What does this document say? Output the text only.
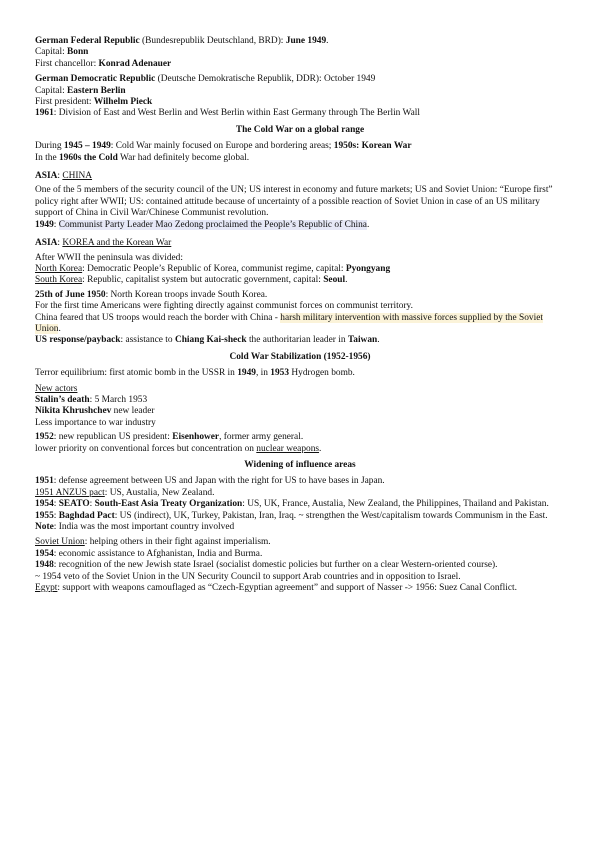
German Federal Republic (Bundesrepublik Deutschland, BRD): June 1949.
Capital: Bonn
First chancellor: Konrad Adenauer
German Democratic Republic (Deutsche Demokratische Republik, DDR): October 1949
Capital: Eastern Berlin
First president: Wilhelm Pieck
1961: Division of East and West Berlin and West Berlin within East Germany through The Berlin Wall
The Cold War on a global range
During 1945 – 1949: Cold War mainly focused on Europe and bordering areas; 1950s: Korean War
In the 1960s the Cold War had definitely become global.
ASIA: CHINA
One of the 5 members of the security council of the UN; US interest in economy and future markets; US and Soviet Union: “Europe first” policy right after WWII; US: contained attitude because of uncertainty of a possible reaction of Soviet Union in case of an US military support of China in Civil War/Chinese Communist revolution.
1949: Communist Party Leader Mao Zedong proclaimed the People’s Republic of China.
ASIA: KOREA and the Korean War
After WWII the peninsula was divided:
North Korea: Democratic People’s Republic of Korea, communist regime, capital: Pyongyang
South Korea: Republic, capitalist system but autocratic government, capital: Seoul.
25th of June 1950: North Korean troops invade South Korea.
For the first time Americans were fighting directly against communist forces on communist territory.
China feared that US troops would reach the border with China - harsh military intervention with massive forces supplied by the Soviet Union.
US response/payback: assistance to Chiang Kai-sheck the authoritarian leader in Taiwan.
Cold War Stabilization (1952-1956)
Terror equilibrium: first atomic bomb in the USSR in 1949, in 1953 Hydrogen bomb.
New actors
Stalin’s death: 5 March 1953
Nikita Khrushchev new leader
Less importance to war industry
1952: new republican US president: Eisenhower, former army general.
lower priority on conventional forces but concentration on nuclear weapons.
Widening of influence areas
1951: defense agreement between US and Japan with the right for US to have bases in Japan.
1951 ANZUS pact: US, Austalia, New Zealand.
1954: SEATO: South-East Asia Treaty Organization: US, UK, France, Austalia, New Zealand, the Philippines, Thailand and Pakistan.
1955: Baghdad Pact: US (indirect), UK, Turkey, Pakistan, Iran, Iraq. ~ strengthen the West/capitalism towards Communism in the East. Note: India was the most important country involved
Soviet Union: helping others in their fight against imperialism.
1954: economic assistance to Afghanistan, India and Burma.
1948: recognition of the new Jewish state Israel (socialist domestic policies but further on a clear Western-oriented course).
~ 1954 veto of the Soviet Union in the UN Security Council to support Arab countries and in opposition to Israel.
Egypt: support with weapons camouflaged as “Czech-Egyptian agreement” and support of Nasser -> 1956: Suez Canal Conflict.
